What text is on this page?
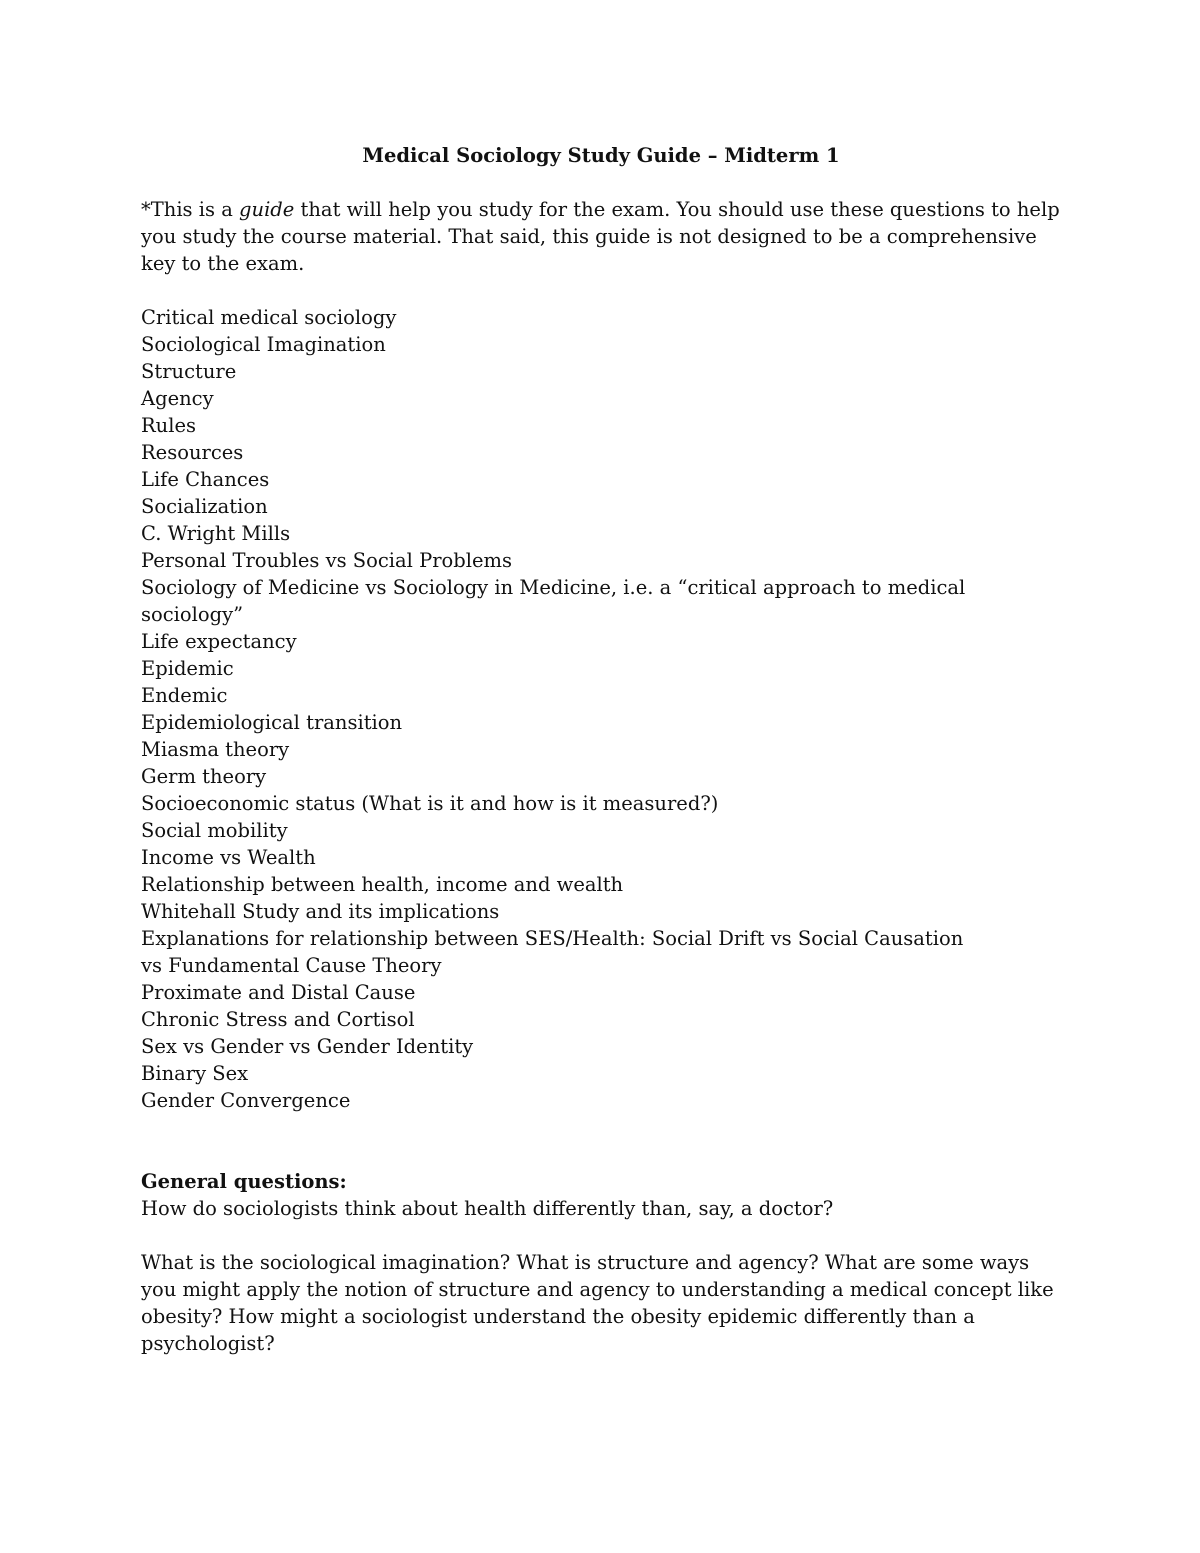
Medical Sociology Study Guide – Midterm 1

*This is a guide that will help you study for the exam. You should use these questions to help you study the course material. That said, this guide is not designed to be a comprehensive key to the exam.

Critical medical sociology
Sociological Imagination
Structure
Agency
Rules
Resources
Life Chances
Socialization
C. Wright Mills
Personal Troubles vs Social Problems
Sociology of Medicine vs Sociology in Medicine, i.e. a “critical approach to medical sociology”
Life expectancy
Epidemic
Endemic
Epidemiological transition
Miasma theory
Germ theory
Socioeconomic status (What is it and how is it measured?)
Social mobility
Income vs Wealth
Relationship between health, income and wealth
Whitehall Study and its implications
Explanations for relationship between SES/Health: Social Drift vs Social Causation vs Fundamental Cause Theory
Proximate and Distal Cause
Chronic Stress and Cortisol
Sex vs Gender vs Gender Identity
Binary Sex
Gender Convergence
General questions:

How do sociologists think about health differently than, say, a doctor?

What is the sociological imagination? What is structure and agency? What are some ways you might apply the notion of structure and agency to understanding a medical concept like obesity? How might a sociologist understand the obesity epidemic differently than a psychologist?
